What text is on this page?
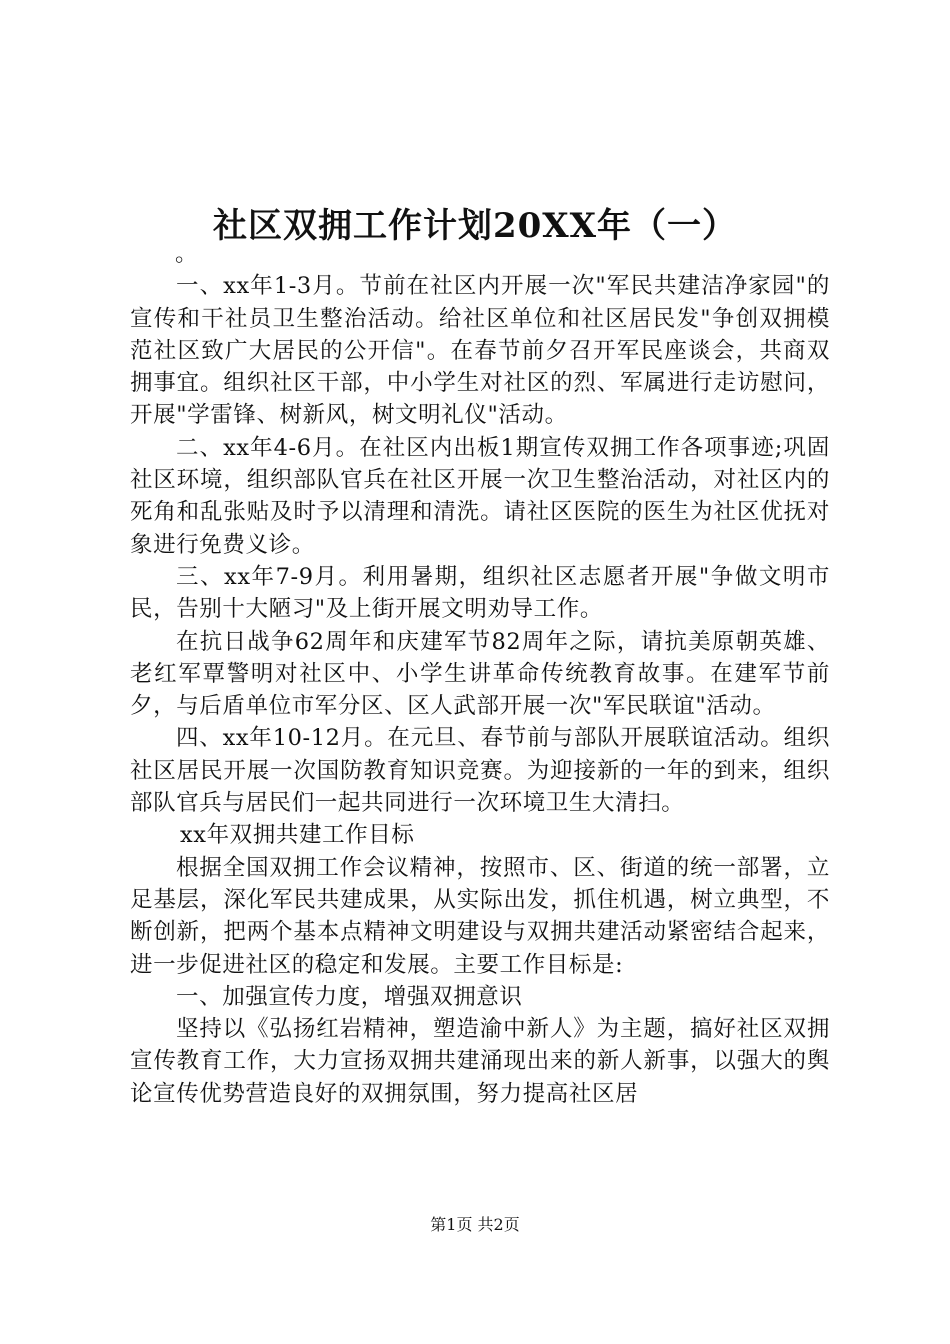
社区双拥工作计划20XX年（一）

。

一、xx年1-3月。节前在社区内开展一次"军民共建洁净家园"的宣传和干社员卫生整治活动。给社区单位和社区居民发"争创双拥模范社区致广大居民的公开信"。在春节前夕召开军民座谈会，共商双拥事宜。组织社区干部，中小学生对社区的烈、军属进行走访慰问，开展"学雷锋、树新风，树文明礼仪"活动。

二、xx年4-6月。在社区内出板1期宣传双拥工作各项事迹;巩固社区环境，组织部队官兵在社区开展一次卫生整治活动，对社区内的死角和乱张贴及时予以清理和清洗。请社区医院的医生为社区优抚对象进行免费义诊。

三、xx年7-9月。利用暑期，组织社区志愿者开展"争做文明市民，告别十大陋习"及上街开展文明劝导工作。

在抗日战争62周年和庆建军节82周年之际，请抗美原朝英雄、老红军覃警明对社区中、小学生讲革命传统教育故事。在建军节前夕，与后盾单位市军分区、区人武部开展一次"军民联谊"活动。

四、xx年10-12月。在元旦、春节前与部队开展联谊活动。组织社区居民开展一次国防教育知识竞赛。为迎接新的一年的到来，组织部队官兵与居民们一起共同进行一次环境卫生大清扫。

xx年双拥共建工作目标

根据全国双拥工作会议精神，按照市、区、街道的统一部署，立足基层，深化军民共建成果，从实际出发，抓住机遇，树立典型，不断创新，把两个基本点精神文明建设与双拥共建活动紧密结合起来，进一步促进社区的稳定和发展。主要工作目标是:

一、加强宣传力度，增强双拥意识

坚持以《弘扬红岩精神，塑造渝中新人》为主题，搞好社区双拥宣传教育工作，大力宣扬双拥共建涌现出来的新人新事，以强大的舆论宣传优势营造良好的双拥氛围，努力提高社区居

第1页 共2页
